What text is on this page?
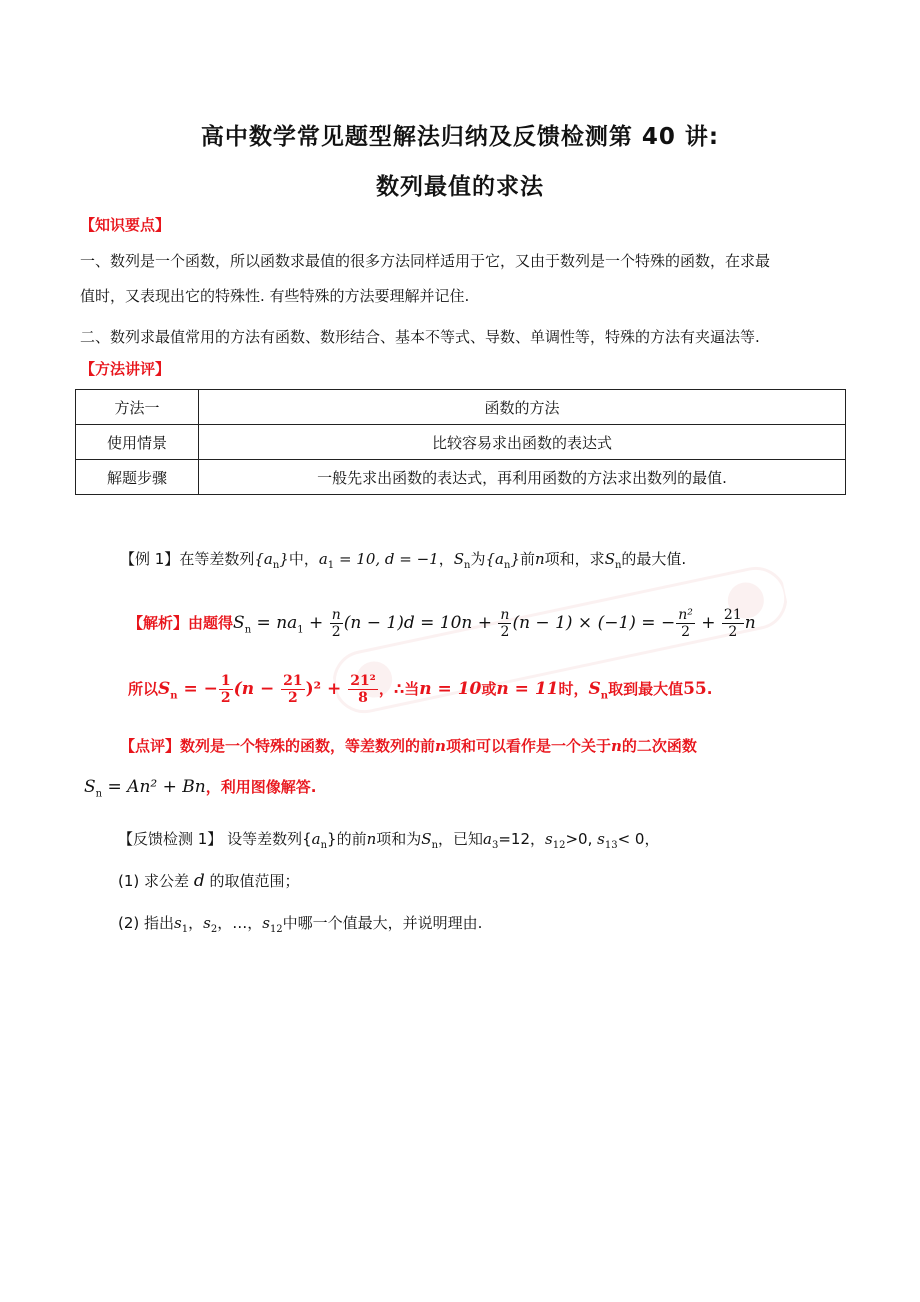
高中数学常见题型解法归纳及反馈检测第 40 讲:
数列最值的求法
【知识要点】
一、数列是一个函数，所以函数求最值的很多方法同样适用于它，又由于数列是一个特殊的函数，在求最
值时，又表现出它的特殊性. 有些特殊的方法要理解并记住.
二、数列求最值常用的方法有函数、数形结合、基本不等式、导数、单调性等，特殊的方法有夹逼法等.
【方法讲评】
方法一	函数的方法
使用情景	比较容易求出函数的表达式
解题步骤	一般先求出函数的表达式，再利用函数的方法求出数列的最值.
【例 1】在等差数列$\{a_n\}$中，$a_1 = 10$, d = −1，$S_n$为$\{a_n\}$前n项和，求$S_n$的最大值.
【解析】由题得$S_n = na_1 + \frac{n}{2} (n - 1)d = 10n + \frac{n}{2} (n - 1) \times (-1)$ = − $\frac{\text{n²}}{2} + \frac{21}{2}$ n
所以$S_n$ = − $\frac{1}{2} (n - \frac{21}{2} )^2 + \frac{\text{21²}}{8}$ ，∴当n = 10或n = 11时，$S_n$取到最大值55.
【点评】数列是一个特殊的函数，等差数列的前n项和可以看作是一个关于n的二次函数
$S_n = An^2 + Bn$，利用图像解答.
【反馈检测 1】 设等差数列$\{a_n\}$的前n项和为$S_n$，已知$a_3=12$，$s_{12}>0$, $s_{13}< 0$，
(1) 求公差 d 的取值范围；
(2) 指出$s_1$，$s_2$，…，$s_{12}$中哪一个值最大，并说明理由.
